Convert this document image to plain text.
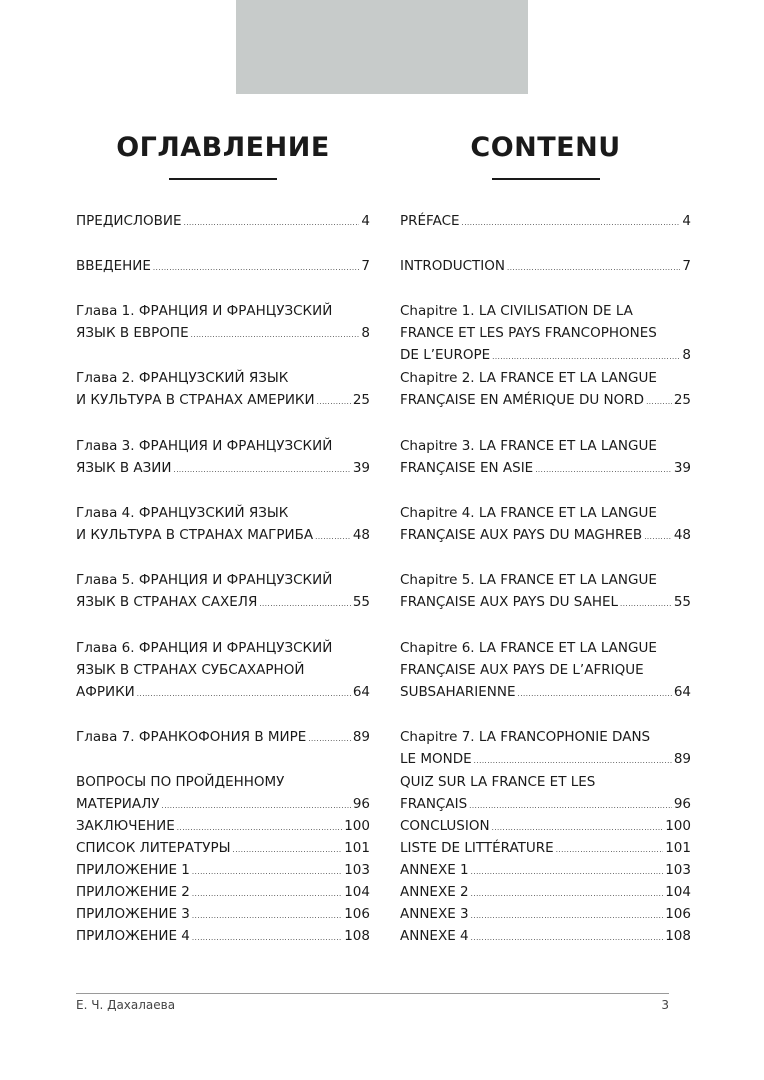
ОГЛАВЛЕНИЕ
ПРЕДИСЛОВИЕ .....	4
ВВЕДЕНИЕ .....	7
Глава 1. ФРАНЦИЯ И ФРАНЦУЗСКИЙ
ЯЗЫК В ЕВРОПЕ .....	8
Глава 2. ФРАНЦУЗСКИЙ ЯЗЫК
И КУЛЬТУРА В СТРАНАХ АМЕРИКИ .....	25
Глава 3. ФРАНЦИЯ И ФРАНЦУЗСКИЙ
ЯЗЫК В АЗИИ .....	39
Глава 4. ФРАНЦУЗСКИЙ ЯЗЫК
И КУЛЬТУРА В СТРАНАХ МАГРИБА .....	48
Глава 5. ФРАНЦИЯ И ФРАНЦУЗСКИЙ
ЯЗЫК В СТРАНАХ САХЕЛЯ .....	55
Глава 6. ФРАНЦИЯ И ФРАНЦУЗСКИЙ
ЯЗЫК В СТРАНАХ СУБСАХАРНОЙ
АФРИКИ .....	64
Глава 7. ФРАНКОФОНИЯ В МИРЕ .....	89
ВОПРОСЫ ПО ПРОЙДЕННОМУ
МАТЕРИАЛУ .....	96
ЗАКЛЮЧЕНИЕ .....	100
СПИСОК ЛИТЕРАТУРЫ .....	101
ПРИЛОЖЕНИЕ 1 .....	103
ПРИЛОЖЕНИЕ 2 .....	104
ПРИЛОЖЕНИЕ 3 .....	106
ПРИЛОЖЕНИЕ 4 .....	108
CONTENU
PRÉFACE .....	4
INTRODUCTION .....	7
Chapitre 1. LA CIVILISATION DE LA
FRANCE ET LES PAYS FRANCOPHONES
DE L’EUROPE .....	8
Chapitre 2. LA FRANCE ET LA LANGUE
FRANÇAISE EN AMÉRIQUE DU NORD ..... 25
Chapitre 3. LA FRANCE ET LA LANGUE
FRANÇAISE EN ASIE .....	39
Chapitre 4. LA FRANCE ET LA LANGUE
FRANÇAISE AUX PAYS DU MAGHREB ..... 48
Chapitre 5. LA FRANCE ET LA LANGUE
FRANÇAISE AUX PAYS DU SAHEL .....	55
Chapitre 6. LA FRANCE ET LA LANGUE
FRANÇAISE AUX PAYS DE L’AFRIQUE
SUBSAHARIENNE .....	64
Chapitre 7. LA FRANCOPHONIE DANS
LE MONDE .....	89
QUIZ SUR LA FRANCE ET LES
FRANÇAIS .....	96
CONCLUSION .....	100
LISTE DE LITTÉRATURE .....	101
ANNEXE 1 .....	103
ANNEXE 2 .....	104
ANNEXE 3 .....	106
ANNEXE 4 .....	108
Е. Ч. Дахалаева	3
